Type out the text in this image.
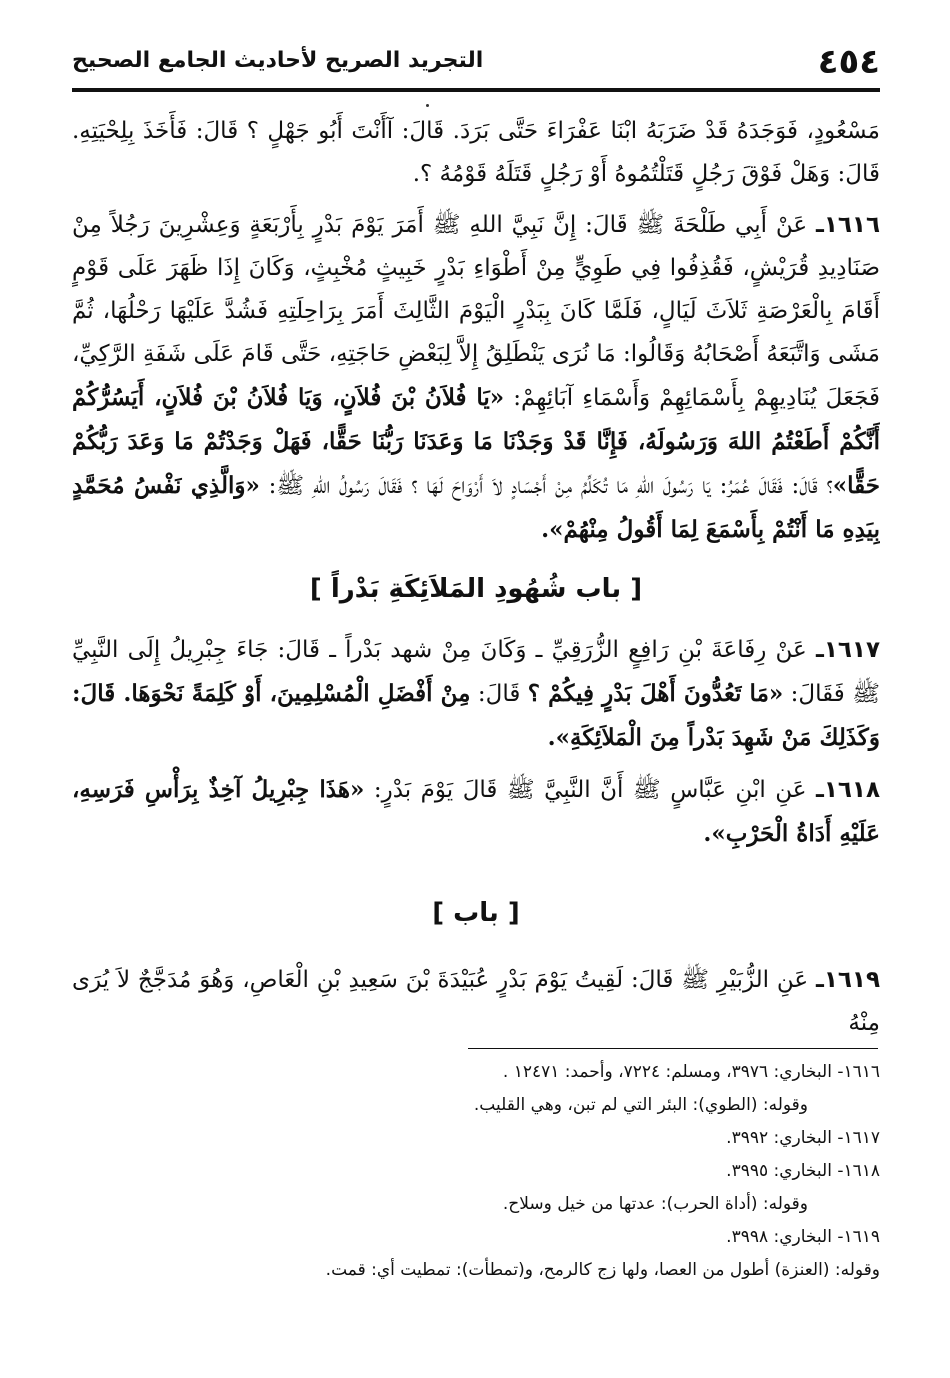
٤٥٤
التجريد الصريح لأحاديث الجامع الصحيح

مَسْعُودٍ، فَوَجَدَهُ قَدْ ضَرَبَهُ ابْنَا عَفْرَاءَ حَتَّى بَرَدَ. قَالَ: آأَنْتَ أَبُو جَهْلٍ ؟ قَالَ: فَأَخَذَ بِلِحْيَتِهِ. قَالَ: وَهَلْ فَوْقَ رَجُلٍ قَتَلْتُمُوهُ أَوْ رَجُلٍ قَتَلَهُ قَوْمُهُ ؟.

١٦١٦ـ عَنْ أَبِي طَلْحَةَ ﷺ قَالَ: إِنَّ نَبِيَّ اللهِ ﷺ أَمَرَ يَوْمَ بَدْرٍ بِأَرْبَعَةٍ وَعِشْرِينَ رَجُلاً مِنْ صَنَادِيدِ قُرَيْشٍ، فَقُذِفُوا فِي طَوِيٍّ مِنْ أَطْوَاءِ بَدْرٍ خَبِيثٍ مُخْبِثٍ، وَكَانَ إِذَا ظَهَرَ عَلَى قَوْمٍ أَقَامَ بِالْعَرْصَةِ ثَلاَثَ لَيَالٍ، فَلَمَّا كَانَ بِبَدْرٍ الْيَوْمَ الثَّالِثَ أَمَرَ بِرَاحِلَتِهِ فَشُدَّ عَلَيْهَا رَحْلُهَا، ثُمَّ مَشَى وَاتَّبَعَهُ أَصْحَابُهُ وَقَالُوا: مَا نُرَى يَنْطَلِقُ إِلاَّ لِبَعْضِ حَاجَتِهِ، حَتَّى قَامَ عَلَى شَفَةِ الرَّكِيِّ، فَجَعَلَ يُنَادِيهِمْ بِأَسْمَائِهِمْ وَأَسْمَاءِ آبَائِهِمْ: «يَا فُلاَنُ بْنَ فُلاَنٍ، وَيَا فُلاَنُ بْنَ فُلاَنٍ، أَيَسُرُّكُمْ أَنَّكُمْ أَطَعْتُمُ اللهَ وَرَسُولَهُ، فَإِنَّا قَدْ وَجَدْنَا مَا وَعَدَنَا رَبُّنَا حَقًّا، فَهَلْ وَجَدْتُمْ مَا وَعَدَ رَبُّكُمْ حَقًّا»؟ قَالَ: فَقَالَ عُمَرُ: يَا رَسُولَ اللهِ مَا تُكَلِّمُ مِنْ أَجْسَادٍ لاَ أَرْوَاحَ لَهَا ؟ فَقَالَ رَسُولُ اللهِ ﷺ: «وَالَّذِي نَفْسُ مُحَمَّدٍ بِيَدِهِ مَا أَنْتُمْ بِأَسْمَعَ لِمَا أَقُولُ مِنْهُمْ».

[ باب شُهُودِ المَلاَئِكَةِ بَدْراً ]

١٦١٧ـ عَنْ رِفَاعَةَ بْنِ رَافِعٍ الزُّرَقِيِّ ـ وَكَانَ مِنْ شهد بَدْراً ـ قَالَ: جَاءَ جِبْرِيلُ إِلَى النَّبِيِّ ﷺ فَقَالَ: «مَا تَعُدُّونَ أَهْلَ بَدْرٍ فِيكُمْ ؟ قَالَ: مِنْ أَفْضَلِ الْمُسْلِمِينَ، أَوْ كَلِمَةً نَحْوَهَا. قَالَ: وَكَذَلِكَ مَنْ شَهِدَ بَدْراً مِنَ الْمَلاَئِكَةِ».

١٦١٨ـ عَنِ ابْنِ عَبَّاسٍ ﷺ أَنَّ النَّبِيَّ ﷺ قَالَ يَوْمَ بَدْرٍ: «هَذَا جِبْرِيلُ آخِذٌ بِرَأْسِ فَرَسِهِ، عَلَيْهِ أَدَاةُ الْحَرْبِ».

[ باب ]

١٦١٩ـ عَنِ الزُّبَيْرِ ﷺ قَالَ: لَقِيتُ يَوْمَ بَدْرٍ عُبَيْدَةَ بْنَ سَعِيدِ بْنِ الْعَاصِ، وَهُوَ مُدَجَّجٌ لاَ يُرَى مِنْهُ

١٦١٦- البخاري: ٣٩٧٦، ومسلم: ٧٢٢٤، وأحمد: ١٢٤٧١ .

وقوله: (الطوي): البئر التي لم تبن، وهي القليب.

١٦١٧- البخاري: ٣٩٩٢.

١٦١٨- البخاري: ٣٩٩٥.

وقوله: (أداة الحرب): عدتها من خيل وسلاح.

١٦١٩- البخاري: ٣٩٩٨.

وقوله: (العنزة) أطول من العصا، ولها زج كالرمح، و(تمطأت): تمطيت أي: قمت.
